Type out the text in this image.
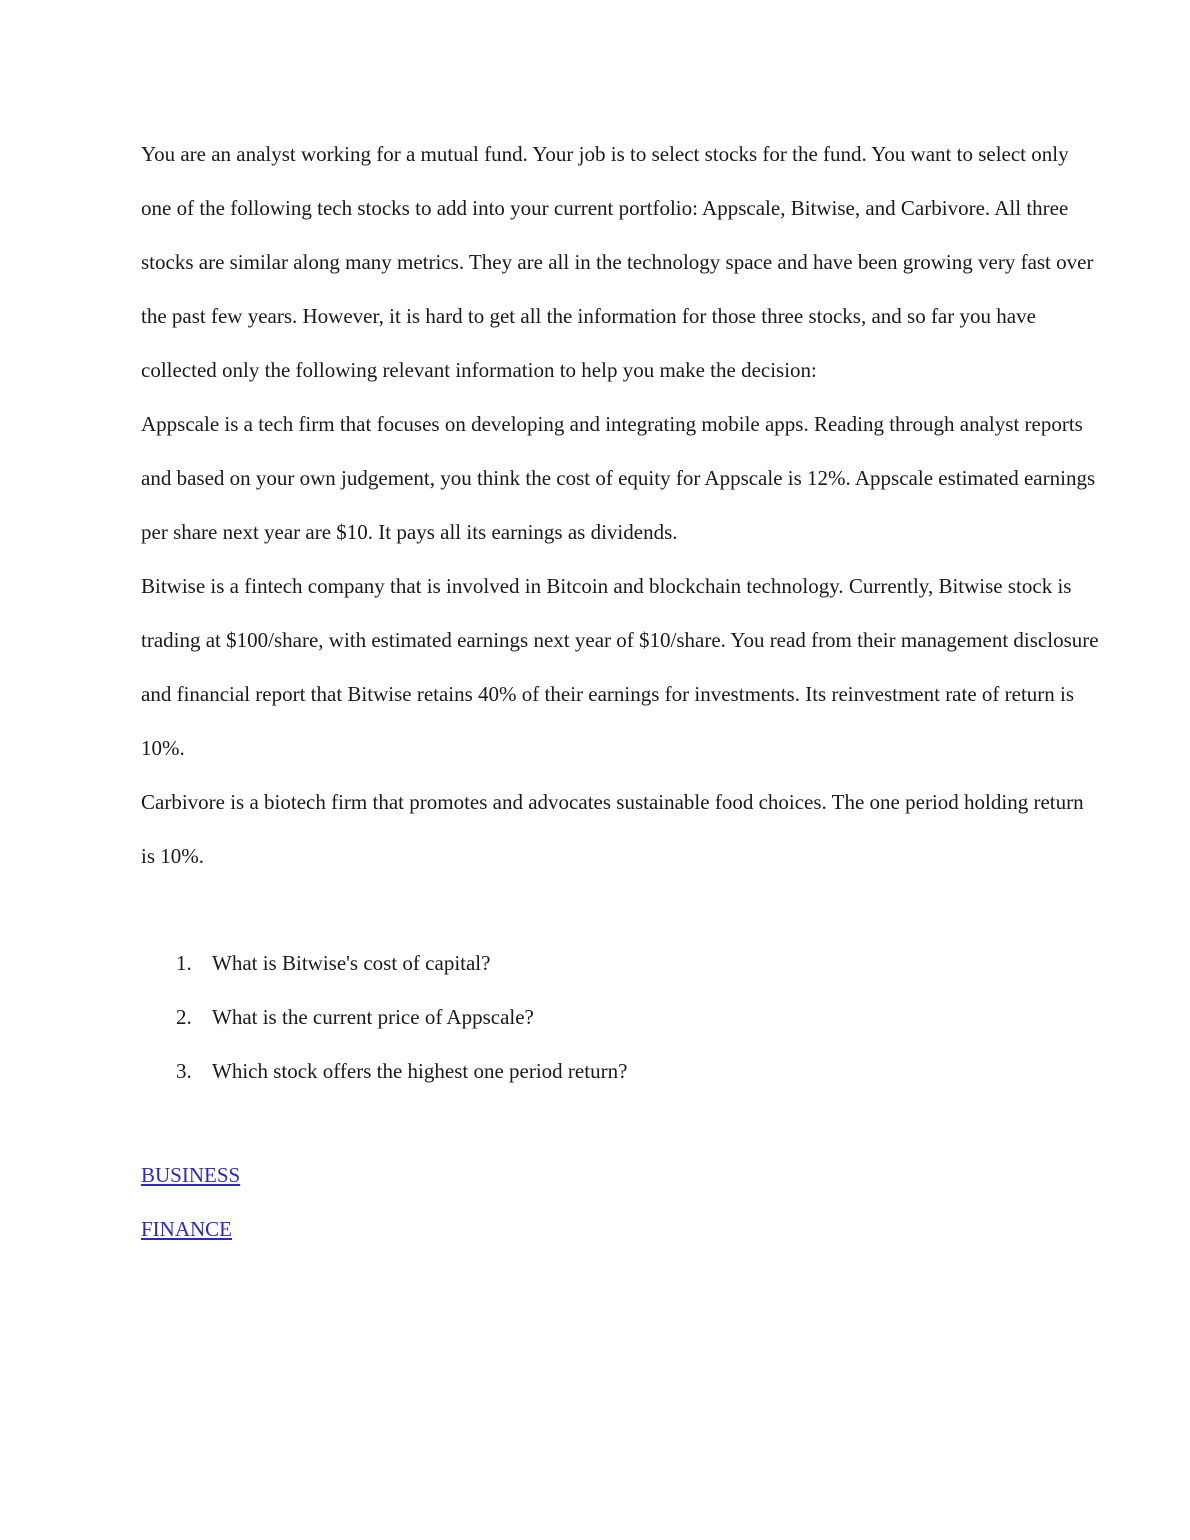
You are an analyst working for a mutual fund. Your job is to select stocks for the fund. You want to select only one of the following tech stocks to add into your current portfolio: Appscale, Bitwise, and Carbivore. All three stocks are similar along many metrics. They are all in the technology space and have been growing very fast over the past few years. However, it is hard to get all the information for those three stocks, and so far you have collected only the following relevant information to help you make the decision:

Appscale is a tech firm that focuses on developing and integrating mobile apps. Reading through analyst reports and based on your own judgement, you think the cost of equity for Appscale is 12%. Appscale estimated earnings per share next year are $10. It pays all its earnings as dividends.

Bitwise is a fintech company that is involved in Bitcoin and blockchain technology. Currently, Bitwise stock is trading at $100/share, with estimated earnings next year of $10/share. You read from their management disclosure and financial report that Bitwise retains 40% of their earnings for investments. Its reinvestment rate of return is 10%.

Carbivore is a biotech firm that promotes and advocates sustainable food choices. The one period holding return is 10%.

1. What is Bitwise's cost of capital?
2. What is the current price of Appscale?
3. Which stock offers the highest one period return?
BUSINESS
FINANCE
